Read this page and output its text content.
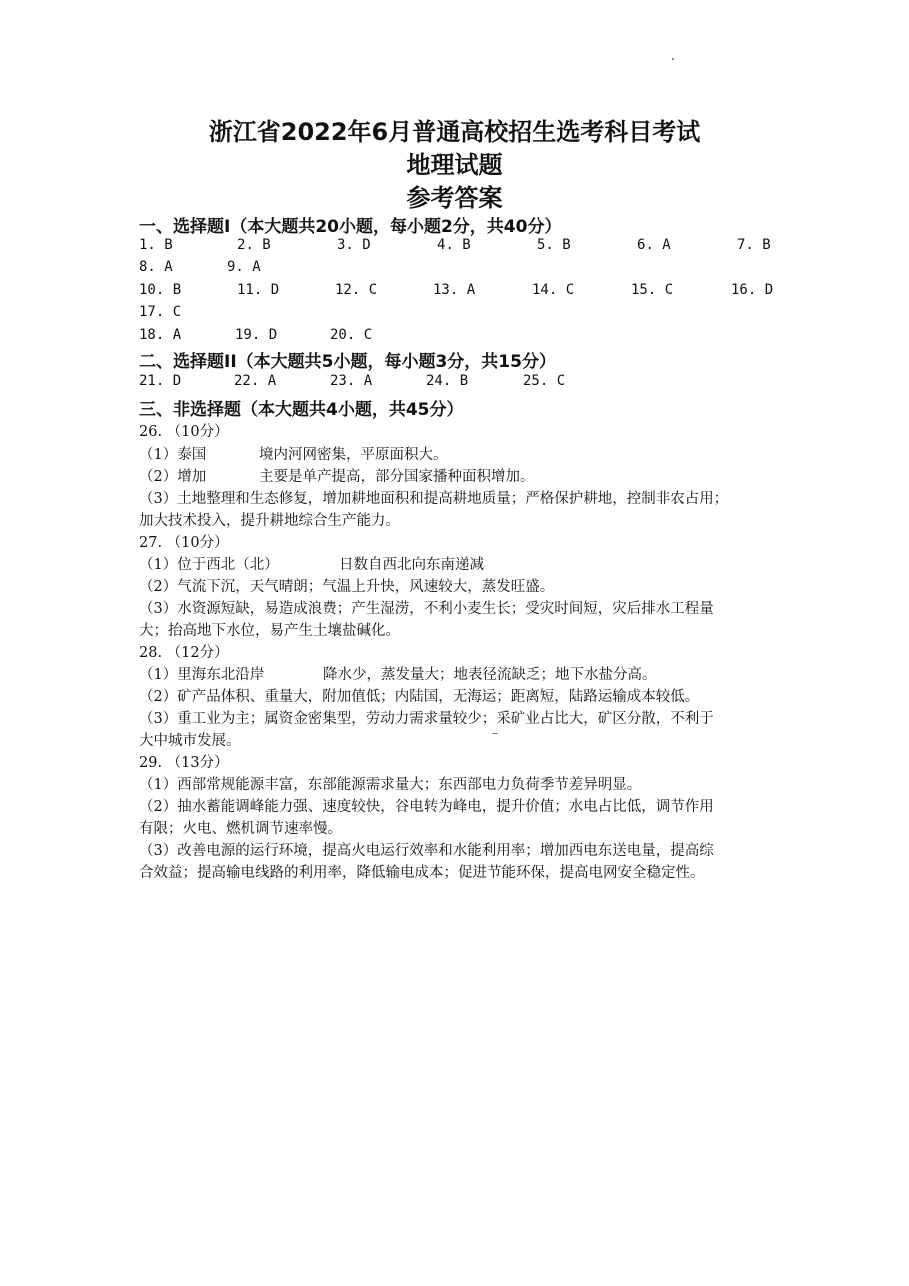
浙江省2022年6月普通高校招生选考科目考试
地理试题
参考答案
一、选择题I（本大题共20小题，每小题2分，共40分）
1. B	2. B	3. D	4. B	5. B	6. A	7. B
8. A	9. A
10. B	11. D	12. C	13. A	14. C	15. C	16. D
17. C
18. A	19. D	20. C
二、选择题II（本大题共5小题，每小题3分，共15分）
21. D	22. A	23. A	24. B	25. C
三、非选择题（本大题共4小题，共45分）
26. （10分）
（1）泰国	境内河网密集，平原面积大。
（2）增加	主要是单产提高，部分国家播种面积增加。
（3）土地整理和生态修复，增加耕地面积和提高耕地质量；严格保护耕地，控制非农占用；
加大技术投入，提升耕地综合生产能力。
27. （10分）
（1）位于西北（北）	日数自西北向东南递减
（2）气流下沉，天气晴朗；气温上升快，风速较大，蒸发旺盛。
（3）水资源短缺，易造成浪费；产生湿涝，不利小麦生长；受灾时间短，灾后排水工程量
大；抬高地下水位，易产生土壤盐碱化。
28. （12分）
（1）里海东北沿岸	降水少，蒸发量大；地表径流缺乏；地下水盐分高。
（2）矿产品体积、重量大，附加值低；内陆国，无海运；距离短，陆路运输成本较低。
（3）重工业为主；属资金密集型，劳动力需求量较少；采矿业占比大，矿区分散，不利于
大中城市发展。
29. （13分）
（1）西部常规能源丰富，东部能源需求量大；东西部电力负荷季节差异明显。
（2）抽水蓄能调峰能力强、速度较快，谷电转为峰电，提升价值；水电占比低，调节作用
有限；火电、燃机调节速率慢。
（3）改善电源的运行环境，提高火电运行效率和水能利用率；增加西电东送电量，提高综
合效益；提高输电线路的利用率，降低输电成本；促进节能环保，提高电网安全稳定性。
